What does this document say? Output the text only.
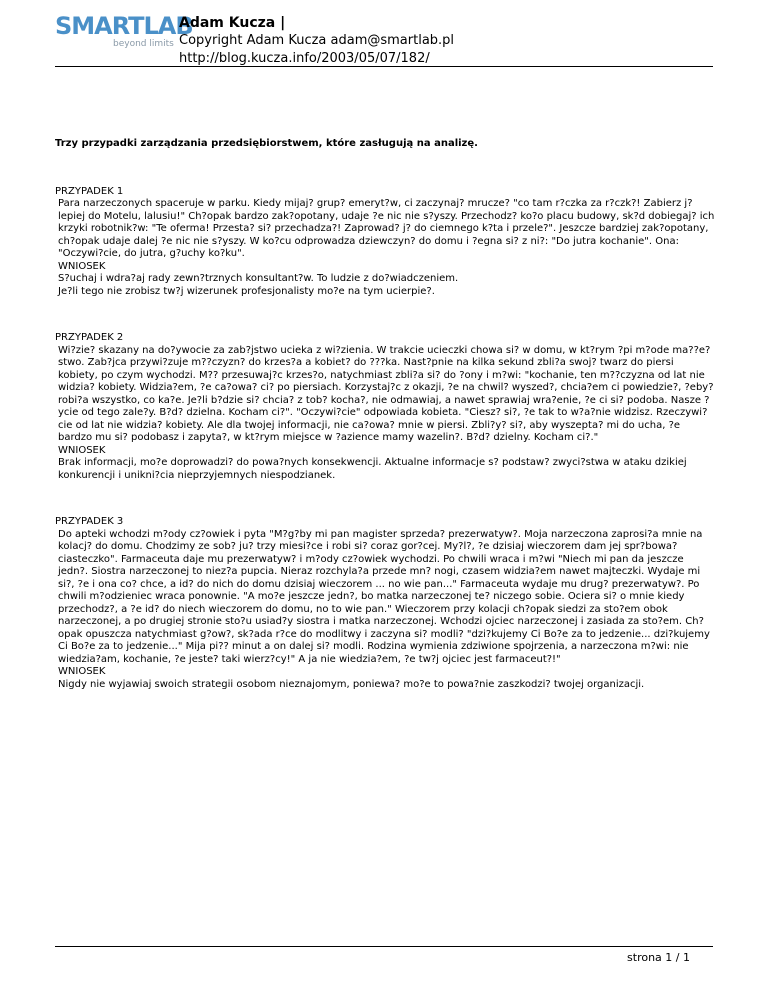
SMARTLAB
beyond limits
Adam Kucza |
Copyright Adam Kucza adam@smartlab.pl
http://blog.kucza.info/2003/05/07/182/
Trzy przypadki zarządzania przedsiębiorstwem, które zasługują na analizę.

PRZYPADEK 1

Para narzeczonych spaceruje w parku. Kiedy mijaj? grup? emeryt?w, ci zaczynaj? mrucze? "co tam r?czka za r?czk?! Zabierz j? lepiej do Motelu, lalusiu!" Ch?opak bardzo zak?opotany, udaje ?e nic nie s?yszy. Przechodz? ko?o placu budowy, sk?d dobiegaj? ich krzyki robotnik?w: "Te oferma! Przesta? si? przechadza?! Zaprowad? j? do ciemnego k?ta i przele?". Jeszcze bardziej zak?opotany, ch?opak udaje dalej ?e nic nie s?yszy. W ko?cu odprowadza dziewczyn? do domu i ?egna si? z ni?: "Do jutra kochanie". Ona: "Oczywi?cie, do jutra, g?uchy ko?ku".

WNIOSEK

S?uchaj i wdra?aj rady zewn?trznych konsultant?w. To ludzie z do?wiadczeniem.

Je?li tego nie zrobisz tw?j wizerunek profesjonalisty mo?e na tym ucierpie?.

PRZYPADEK 2

Wi?zie? skazany na do?ywocie za zab?jstwo ucieka z wi?zienia. W trakcie ucieczki chowa si? w domu, w kt?rym ?pi m?ode ma??e?stwo. Zab?jca przywi?zuje m??czyzn? do krzes?a a kobiet? do ???ka. Nast?pnie na kilka sekund zbli?a swoj? twarz do piersi kobiety, po czym wychodzi. M?? przesuwaj?c krzes?o, natychmiast zbli?a si? do ?ony i m?wi: "kochanie, ten m??czyzna od lat nie widzia? kobiety. Widzia?em, ?e ca?owa? ci? po piersiach. Korzystaj?c z okazji, ?e na chwil? wyszed?, chcia?em ci powiedzie?, ?eby? robi?a wszystko, co ka?e. Je?li b?dzie si? chcia? z tob? kocha?, nie odmawiaj, a nawet sprawiaj wra?enie, ?e ci si? podoba. Nasze ?ycie od tego zale?y. B?d? dzielna. Kocham ci?". "Oczywi?cie" odpowiada kobieta. "Ciesz? si?, ?e tak to w?a?nie widzisz. Rzeczywi?cie od lat nie widzia? kobiety. Ale dla twojej informacji, nie ca?owa? mnie w piersi. Zbli?y? si?, aby wyszepta? mi do ucha, ?e bardzo mu si? podobasz i zapyta?, w kt?rym miejsce w ?azience mamy wazelin?. B?d? dzielny. Kocham ci?."

WNIOSEK

Brak informacji, mo?e doprowadzi? do powa?nych konsekwencji. Aktualne informacje s? podstaw? zwyci?stwa w ataku dzikiej konkurencji i unikni?cia nieprzyjemnych niespodzianek.

PRZYPADEK 3

Do apteki wchodzi m?ody cz?owiek i pyta "M?g?by mi pan magister sprzeda? prezerwatyw?. Moja narzeczona zaprosi?a mnie na kolacj? do domu. Chodzimy ze sob? ju? trzy miesi?ce i robi si? coraz gor?cej. My?l?, ?e dzisiaj wieczorem dam jej spr?bowa? ciasteczko". Farmaceuta daje mu prezerwatyw? i m?ody cz?owiek wychodzi. Po chwili wraca i m?wi "Niech mi pan da jeszcze jedn?. Siostra narzeczonej to niez?a pupcia. Nieraz rozchyla?a przede mn? nogi, czasem widzia?em nawet majteczki. Wydaje mi si?, ?e i ona co? chce, a id? do nich do domu dzisiaj wieczorem ... no wie pan..." Farmaceuta wydaje mu drug? prezerwatyw?. Po chwili m?odzieniec wraca ponownie. "A mo?e jeszcze jedn?, bo matka narzeczonej te? niczego sobie. Ociera si? o mnie kiedy przechodz?, a ?e id? do niech wieczorem do domu, no to wie pan." Wieczorem przy kolacji ch?opak siedzi za sto?em obok narzeczonej, a po drugiej stronie sto?u usiad?y siostra i matka narzeczonej. Wchodzi ojciec narzeczonej i zasiada za sto?em. Ch?opak opuszcza natychmiast g?ow?, sk?ada r?ce do modlitwy i zaczyna si? modli? "dzi?kujemy Ci Bo?e za to jedzenie... dzi?kujemy Ci Bo?e za to jedzenie..." Mija pi?? minut a on dalej si? modli. Rodzina wymienia zdziwione spojrzenia, a narzeczona m?wi: nie wiedzia?am, kochanie, ?e jeste? taki wierz?cy!" A ja nie wiedzia?em, ?e tw?j ojciec jest farmaceut?!"

WNIOSEK

Nigdy nie wyjawiaj swoich strategii osobom nieznajomym, poniewa? mo?e to powa?nie zaszkodzi? twojej organizacji.

strona 1 / 1
